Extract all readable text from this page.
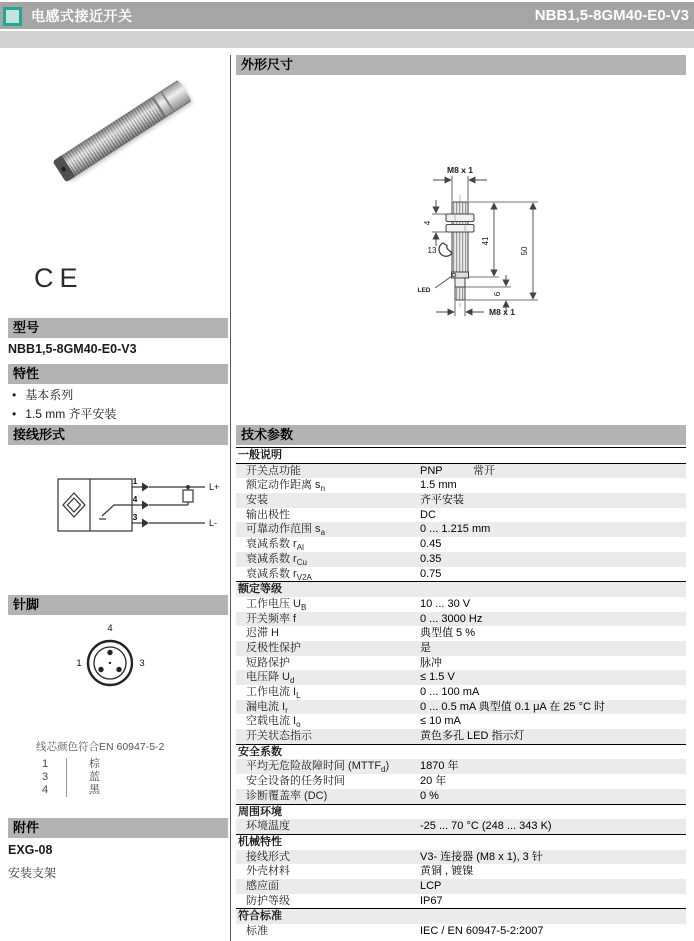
电感式接近开关	NBB1,5-8GM40-E0-V3
CE
型号
NBB1,5-8GM40-E0-V3
特性
• 基本系列
• 1.5 mm 齐平安装
接线形式
1
4
3
L+
L-
针脚
4
1	3
线芯颜色符合EN 60947-5-2
1	棕
3	蓝
4	黑
附件
EXG-08
安装支架
外形尺寸
M8 x 1
4
13
41
50
6
LED
M8 x 1
技术参数
一般说明
开关点功能	PNP	常开
额定动作距离 $s_n$	1.5 mm
安装	齐平安装
输出极性	DC
可靠动作范围 $s_a$	0 ... 1.215 mm
衰减系数 $r_{Al}$	0.45
衰减系数 $r_{Cu}$	0.35
衰减系数 $r_{V2A}$	0.75
额定等级
工作电压 $U_B$	10 ... 30 V
开关频率 f	0 ... 3000 Hz
迟滞 H	典型值 5 %
反极性保护	是
短路保护	脉冲
电压降 $U_d$	≤ 1.5 V
工作电流 $I_L$	0 ... 100 mA
漏电流 $I_r$	0 ... 0.5 mA 典型值 0.1 μA 在 25 °C 时
空载电流 $I_o$	≤ 10 mA
开关状态指示	黄色多孔 LED 指示灯
安全系数
平均无危险故障时间 $(MTTF_d)$	1870 年
安全设备的任务时间	20 年
诊断覆盖率 (DC)	0 %
周围环境
环境温度	-25 ... 70 °C (248 ... 343 K)
机械特性
接线形式	V3- 连接器 (M8 x 1), 3 针
外壳材料	黄铜 , 镀镍
感应面	LCP
防护等级	IP67
符合标准
标准	IEC / EN 60947-5-2:2007
